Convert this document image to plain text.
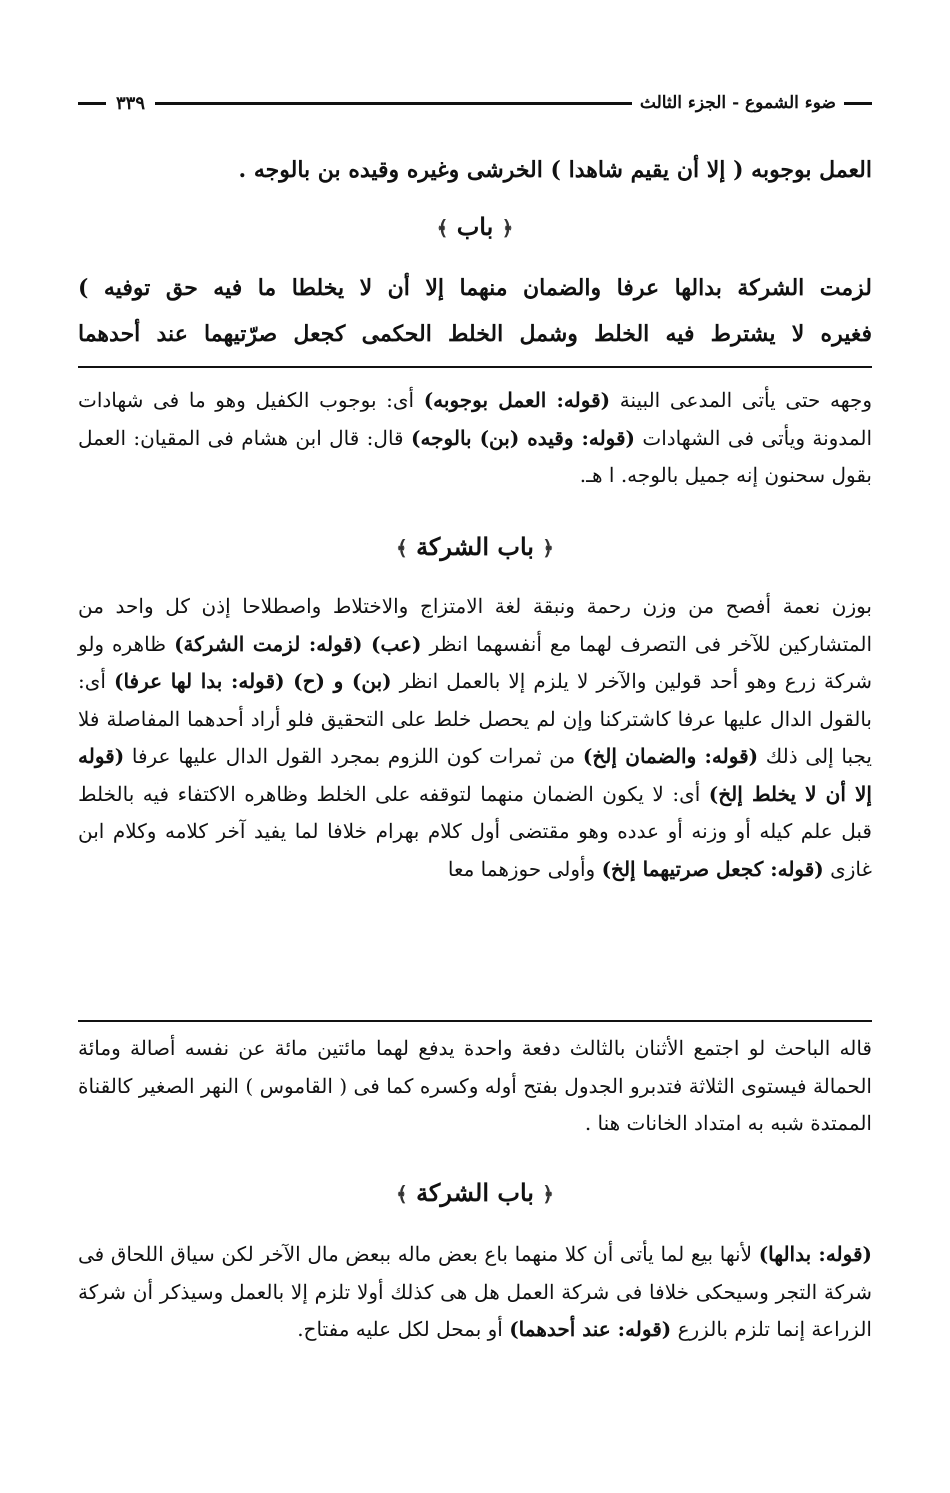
ضوء الشموع - الجزء الثالث
٣٣٩
العمل بوجوبه ( إلا أن يقيم شاهدا ) الخرشى وغيره وقيده بن بالوجه .
﴿ باب ﴾
لزمت الشركة بدالها عرفا والضمان منهما إلا أن لا يخلطا ما فيه حق توفيه )
فغيره لا يشترط فيه الخلط وشمل الخلط الحكمى كجعل صرّتيهما عند أحدهما
وجهه حتى يأتى المدعى البينة (قوله: العمل بوجوبه) أى: بوجوب الكفيل وهو ما فى شهادات المدونة ويأتى فى الشهادات (قوله: وقيده (بن) بالوجه) قال: قال ابن هشام فى المقيان: العمل بقول سحنون إنه جميل بالوجه. ا هـ.
﴿ باب الشركة ﴾
بوزن نعمة أفصح من وزن رحمة ونبقة لغة الامتزاج والاختلاط واصطلاحا إذن كل واحد من المتشاركين للآخر فى التصرف لهما مع أنفسهما انظر (عب) (قوله: لزمت الشركة) ظاهره ولو شركة زرع وهو أحد قولين والآخر لا يلزم إلا بالعمل انظر (بن) و (ح) (قوله: بدا لها عرفا) أى: بالقول الدال عليها عرفا كاشتركنا وإن لم يحصل خلط على التحقيق فلو أراد أحدهما المفاصلة فلا يجبا إلى ذلك (قوله: والضمان إلخ) من ثمرات كون اللزوم بمجرد القول الدال عليها عرفا (قوله إلا أن لا يخلط إلخ) أى: لا يكون الضمان منهما لتوقفه على الخلط وظاهره الاكتفاء فيه بالخلط قبل علم كيله أو وزنه أو عدده وهو مقتضى أول كلام بهرام خلافا لما يفيد آخر كلامه وكلام ابن غازى (قوله: كجعل صرتيهما إلخ) وأولى حوزهما معا
قاله الباحث لو اجتمع الأثنان بالثالث دفعة واحدة يدفع لهما مائتين مائة عن نفسه أصالة ومائة الحمالة فيستوى الثلاثة فتدبرو الجدول بفتح أوله وكسره كما فى ( القاموس ) النهر الصغير كالقناة الممتدة شبه به امتداد الخانات هنا .
﴿ باب الشركة ﴾
(قوله: بدالها) لأنها بيع لما يأتى أن كلا منهما باع بعض ماله ببعض مال الآخر لكن سياق اللحاق فى شركة التجر وسيحكى خلافا فى شركة العمل هل هى كذلك أولا تلزم إلا بالعمل وسيذكر أن شركة الزراعة إنما تلزم بالزرع (قوله: عند أحدهما) أو بمحل لكل عليه مفتاح.
